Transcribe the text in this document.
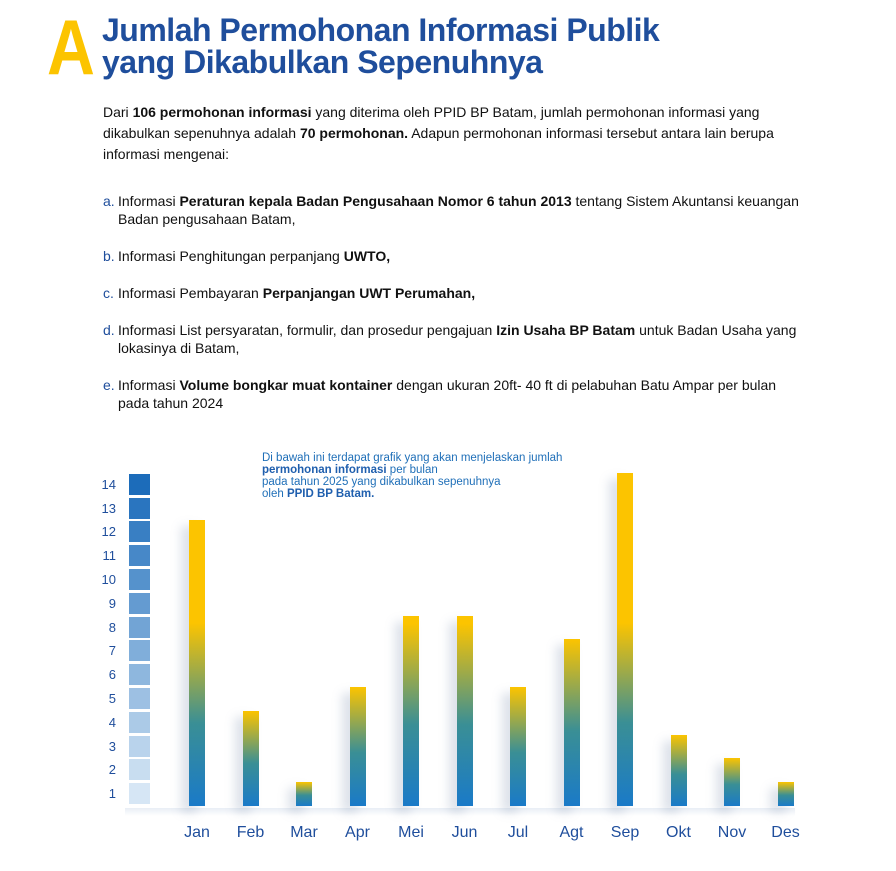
A Jumlah Permohonan Informasi Publik
yang Dikabulkan Sepenuhnya
Dari 106 permohonan informasi yang diterima oleh PPID BP Batam, jumlah permohonan informasi yang dikabulkan sepenuhnya adalah 70 permohonan. Adapun permohonan informasi tersebut antara lain berupa informasi mengenai:
a. Informasi Peraturan kepala Badan Pengusahaan Nomor 6 tahun 2013 tentang Sistem Akuntansi keuangan Badan pengusahaan Batam,
b. Informasi Penghitungan perpanjang UWTO,
c. Informasi Pembayaran Perpanjangan UWT Perumahan,
d. Informasi List persyaratan, formulir, dan prosedur pengajuan Izin Usaha BP Batam untuk Badan Usaha yang lokasinya di Batam,
e. Informasi Volume bongkar muat kontainer dengan ukuran 20ft- 40 ft di pelabuhan Batu Ampar per bulan pada tahun 2024
Di bawah ini terdapat grafik yang akan menjelaskan jumlah
permohonan informasi per bulan
pada tahun 2025 yang dikabulkan sepenuhnya
oleh PPID BP Batam.
1
2
3
4
5
6
7
8
9
10
11
12
13
14
Jan	Feb	Mar	Apr	Mei	Jun	Jul	Agt	Sep	Okt	Nov	Des
